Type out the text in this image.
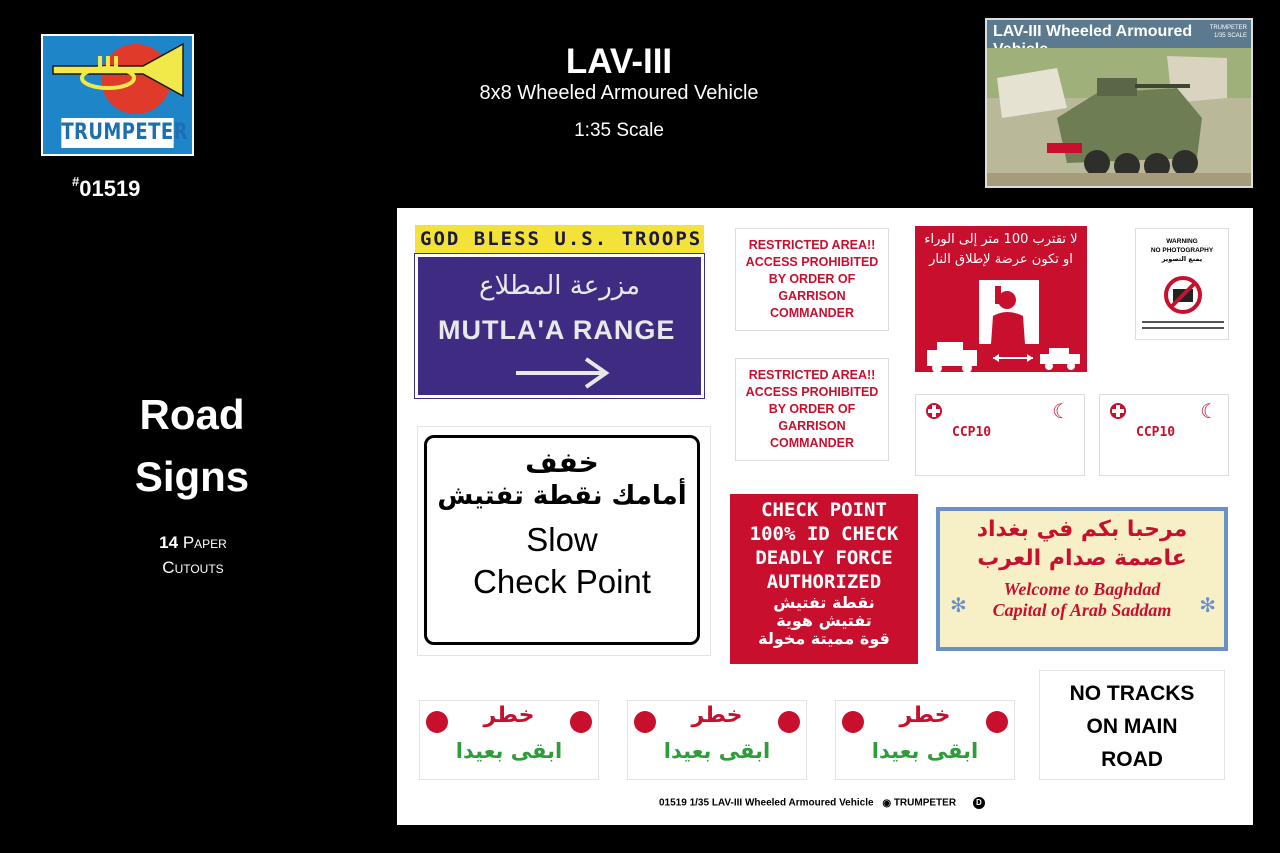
TRUMPETER
#01519
LAV-III
8x8 Wheeled Armoured Vehicle
1:35 Scale
Road
Signs
14 Paper
Cutouts
LAV-III Wheeled Armoured	TRUMPETER
1/35 SCALE
GOD BLESS U.S. TROOPS
مزرعة المطلاع
MUTLA'A RANGE
RESTRICTED AREA!!
ACCESS PROHIBITED
BY ORDER OF
GARRISON
COMMANDER
RESTRICTED AREA!!
ACCESS PROHIBITED
BY ORDER OF
GARRISON
COMMANDER
لا تقترب 100 متر إلى الوراء
او تكون عرضة لإطلاق النار
WARNING
NO PHOTOGRAPHY
يمنع التصوير
☾
CCP10
☾
CCP10
خفف
أمامك نقطة تفتيش
Slow
Check Point
CHECK POINT
100% ID CHECK
DEADLY FORCE
AUTHORIZED
نقطة تفتيش
تفتيش هوية
قوة مميتة مخولة
مرحبا بكم في بغداد
عاصمة صدام العرب
✻	✻
Welcome to Baghdad
Capital of Arab Saddam
خطر
ابقى بعيدا
خطر
ابقى بعيدا
خطر
ابقى بعيدا
NO TRACKS
ON MAIN
ROAD
01519 1/35 LAV-III Wheeled Armoured Vehicle ◉ TRUMPETER D
